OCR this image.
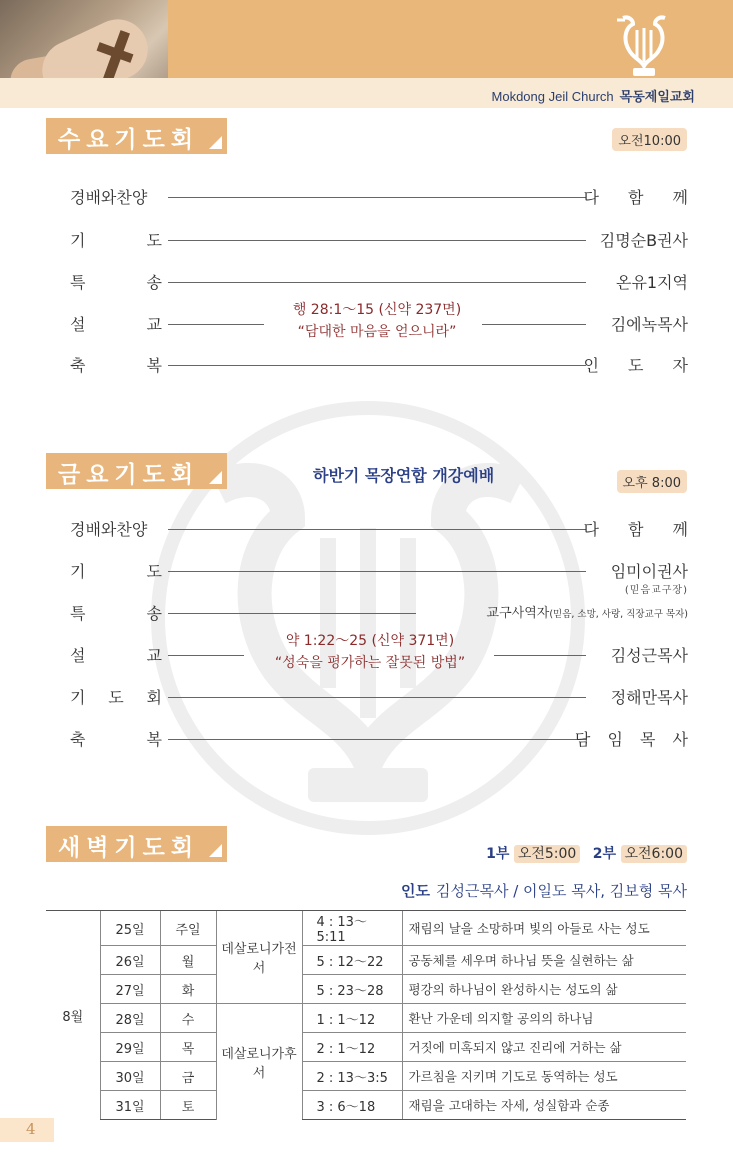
Mokdong Jeil Church 목동제일교회
수요기도회	오전10:00
경배와찬양	다 함 께
기	도	김명순B권사
특	송	온유1지역
설	교	김에녹목사
행 28:1～15 (신약 237면)
“담대한 마음을 얻으니라”
축	복	인 도 자
금요기도회	하반기 목장연합 개강예배	오후 8:00
경배와찬양	다 함 께
기	도	임미이권사
(믿음교구장)
특	송	교구사역자(믿음, 소망, 사랑, 직장교구 목자)
설	교	김성근목사
약 1:22～25 (신약 371면)
“성숙을 평가하는 잘못된 방법”
기 도 회	정해만목사
축	복	담 임 목 사
새벽기도회	1부 오전5:00 2부 오전6:00
인도 김성근목사 / 이일도 목사, 김보형 목사
8월	25일	주일	데살로니가전서	4 : 13～5:11	재림의 날을 소망하며 빛의 아들로 사는 성도
	26일	월		5 : 12～22	공동체를 세우며 하나님 뜻을 실현하는 삶
	27일	화		5 : 23～28	평강의 하나님이 완성하시는 성도의 삶
	28일	수	데살로니가후서	1 : 1～12	환난 가운데 의지할 공의의 하나님
	29일	목		2 : 1～12	거짓에 미혹되지 않고 진리에 거하는 삶
	30일	금		2 : 13～3:5	가르침을 지키며 기도로 동역하는 성도
	31일	토		3 : 6～18	재림을 고대하는 자세, 성실함과 순종
4
